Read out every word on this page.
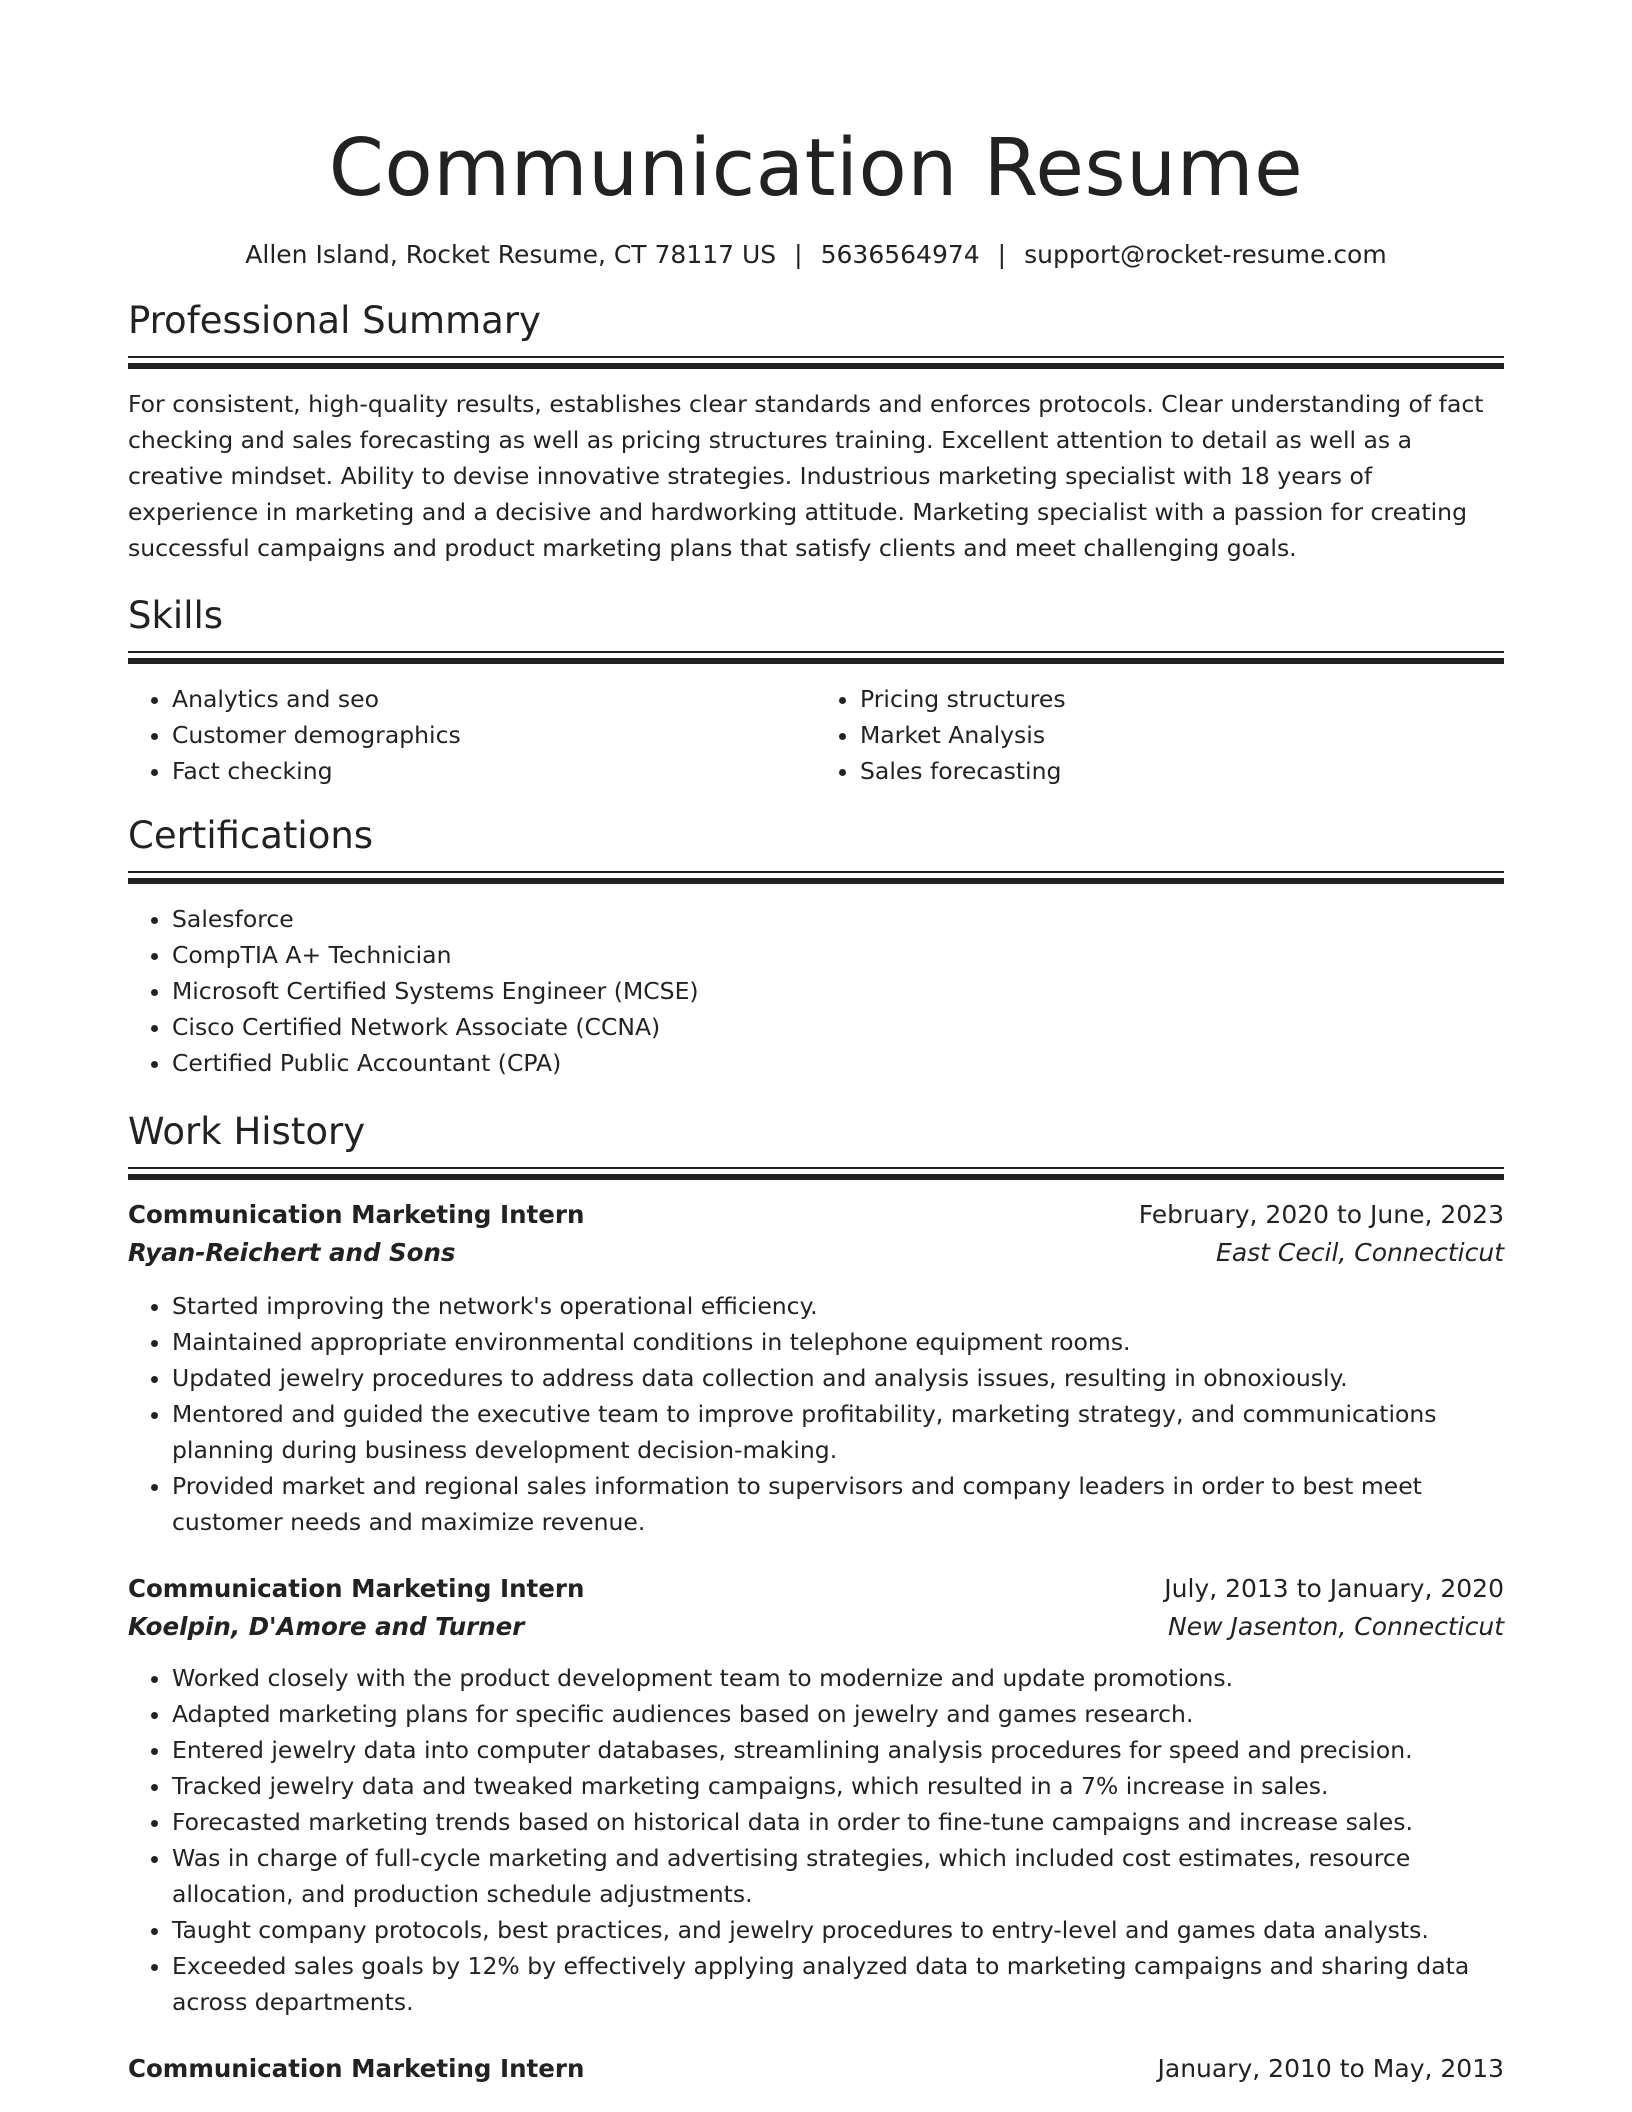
Communication Resume
Allen Island, Rocket Resume, CT 78117 US | 5636564974 | support@rocket-resume.com
Professional Summary

For consistent, high-quality results, establishes clear standards and enforces protocols. Clear understanding of fact checking and sales forecasting as well as pricing structures training. Excellent attention to detail as well as a creative mindset. Ability to devise innovative strategies. Industrious marketing specialist with 18 years of experience in marketing and a decisive and hardworking attitude. Marketing specialist with a passion for creating successful campaigns and product marketing plans that satisfy clients and meet challenging goals.

Skills
• Analytics and seo
• Customer demographics
• Fact checking
• Pricing structures
• Market Analysis
• Sales forecasting
Certifications
• Salesforce
• CompTIA A+ Technician
• Microsoft Certified Systems Engineer (MCSE)
• Cisco Certified Network Associate (CCNA)
• Certified Public Accountant (CPA)
Work History
Communication Marketing Intern	February, 2020 to June, 2023
Ryan-Reichert and Sons	East Cecil, Connecticut
• Started improving the network's operational efficiency.
• Maintained appropriate environmental conditions in telephone equipment rooms.
• Updated jewelry procedures to address data collection and analysis issues, resulting in obnoxiously.
• Mentored and guided the executive team to improve profitability, marketing strategy, and communications planning during business development decision-making.
• Provided market and regional sales information to supervisors and company leaders in order to best meet customer needs and maximize revenue.
Communication Marketing Intern	July, 2013 to January, 2020
Koelpin, D'Amore and Turner	New Jasenton, Connecticut
• Worked closely with the product development team to modernize and update promotions.
• Adapted marketing plans for specific audiences based on jewelry and games research.
• Entered jewelry data into computer databases, streamlining analysis procedures for speed and precision.
• Tracked jewelry data and tweaked marketing campaigns, which resulted in a 7% increase in sales.
• Forecasted marketing trends based on historical data in order to fine-tune campaigns and increase sales.
• Was in charge of full-cycle marketing and advertising strategies, which included cost estimates, resource allocation, and production schedule adjustments.
• Taught company protocols, best practices, and jewelry procedures to entry-level and games data analysts.
• Exceeded sales goals by 12% by effectively applying analyzed data to marketing campaigns and sharing data across departments.
Communication Marketing Intern	January, 2010 to May, 2013
